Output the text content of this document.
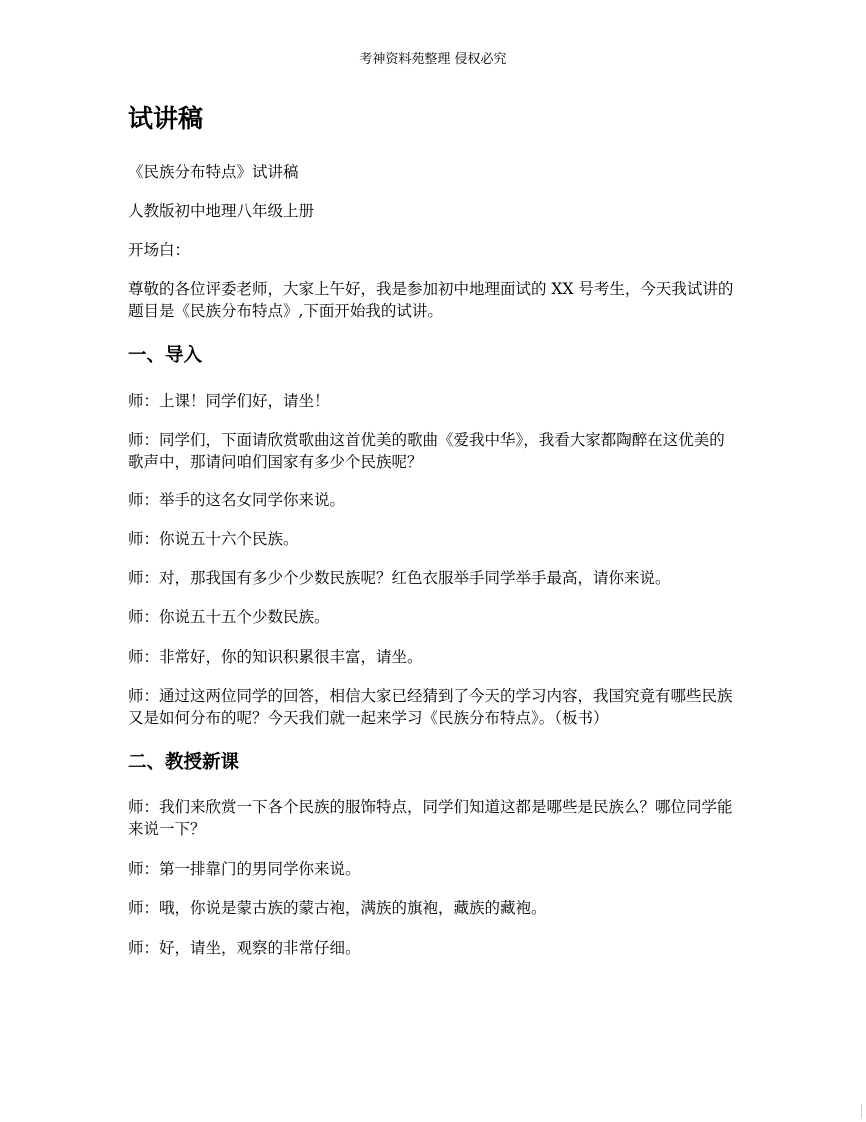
考神资料苑整理 侵权必究
试讲稿

《民族分布特点》试讲稿

人教版初中地理八年级上册

开场白：

尊敬的各位评委老师，大家上午好，我是参加初中地理面试的 XX 号考生，今天我试讲的题目是《民族分布特点》,下面开始我的试讲。

一、导入

师：上课！同学们好，请坐！

师：同学们，下面请欣赏歌曲这首优美的歌曲《爱我中华》，我看大家都陶醉在这优美的歌声中，那请问咱们国家有多少个民族呢？

师：举手的这名女同学你来说。

师：你说五十六个民族。

师：对，那我国有多少个少数民族呢？红色衣服举手同学举手最高，请你来说。

师：你说五十五个少数民族。

师：非常好，你的知识积累很丰富，请坐。

师：通过这两位同学的回答，相信大家已经猜到了今天的学习内容，我国究竟有哪些民族又是如何分布的呢？今天我们就一起来学习《民族分布特点》。（板书）

二、教授新课

师：我们来欣赏一下各个民族的服饰特点，同学们知道这都是哪些是民族么？哪位同学能来说一下？

师：第一排靠门的男同学你来说。

师：哦，你说是蒙古族的蒙古袍，满族的旗袍，藏族的藏袍。

师：好，请坐，观察的非常仔细。
